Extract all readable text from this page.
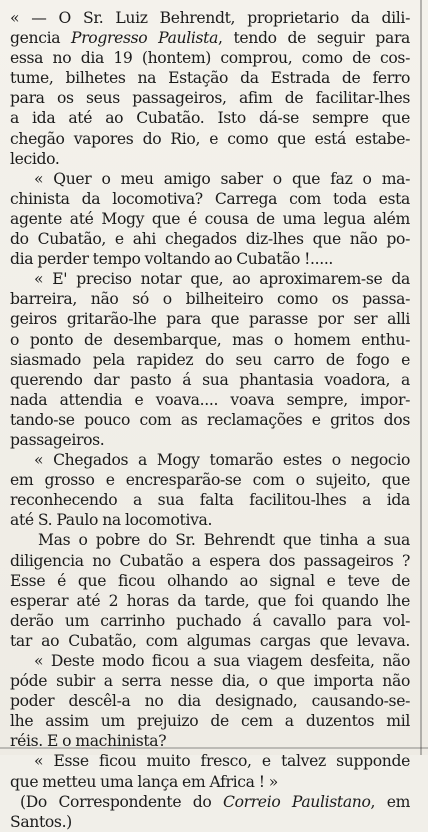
« — O Sr. Luiz Behrendt, proprietario da dili-
gencia Progresso Paulista, tendo de seguir para
essa no dia 19 (hontem) comprou, como de cos-
tume, bilhetes na Estação da Estrada de ferro
para os seus passageiros, afim de facilitar-lhes
a ida até ao Cubatão. Isto dá-se sempre que
chegão vapores do Rio, e como que está estabe-
lecido.

« Quer o meu amigo saber o que faz o ma-
chinista da locomotiva? Carrega com toda esta
agente até Mogy que é cousa de uma legua além
do Cubatão, e ahi chegados diz-lhes que não po-
dia perder tempo voltando ao Cubatão !.....

« E' preciso notar que, ao aproximarem-se da
barreira, não só o bilheiteiro como os passa-
geiros gritarão-lhe para que parasse por ser alli
o ponto de desembarque, mas o homem enthu-
siasmado pela rapidez do seu carro de fogo e
querendo dar pasto á sua phantasia voadora, a
nada attendia e voava.... voava sempre, impor-
tando-se pouco com as reclamações e gritos dos
passageiros.

« Chegados a Mogy tomarão estes o negocio
em grosso e encresparão-se com o sujeito, que
reconhecendo a sua falta facilitou-lhes a ida
até S. Paulo na locomotiva.

Mas o pobre do Sr. Behrendt que tinha a sua
diligencia no Cubatão a espera dos passageiros ?
Esse é que ficou olhando ao signal e teve de
esperar até 2 horas da tarde, que foi quando lhe
derão um carrinho puchado á cavallo para vol-
tar ao Cubatão, com algumas cargas que levava.

« Deste modo ficou a sua viagem desfeita, não
póde subir a serra nesse dia, o que importa não
poder descêl-a no dia designado, causando-se-
lhe assim um prejuizo de cem a duzentos mil
réis. E o machinista?

« Esse ficou muito fresco, e talvez supponde
que metteu uma lança em Africa ! »

(Do Correspondente do Correio Paulistano, em
Santos.)
